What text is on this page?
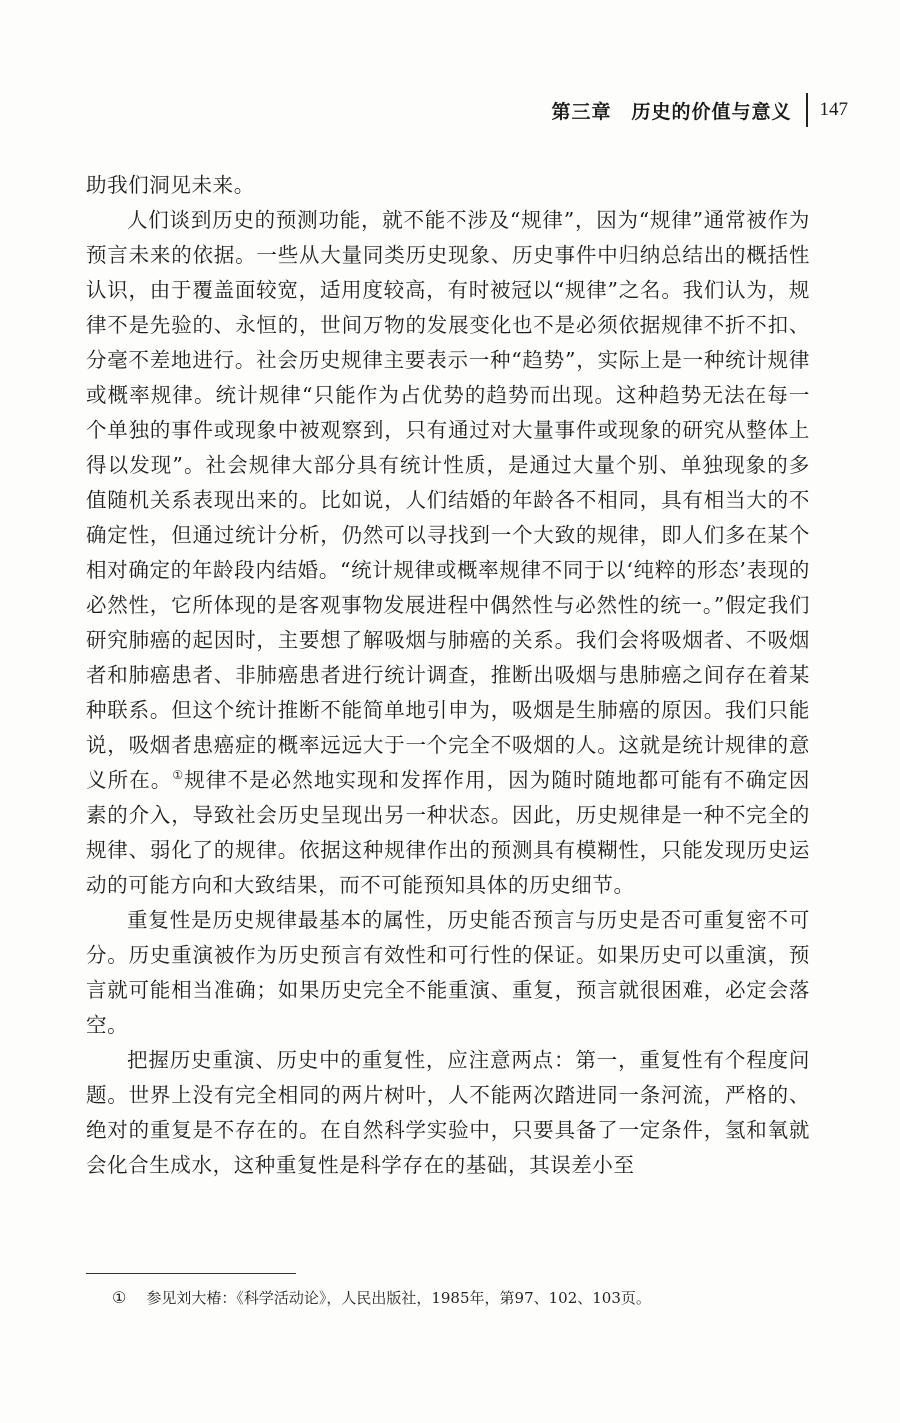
第三章 历史的价值与意义 147

助我们洞见未来。

人们谈到历史的预测功能，就不能不涉及“规律”，因为“规律”通常被作为预言未来的依据。一些从大量同类历史现象、历史事件中归纳总结出的概括性认识，由于覆盖面较宽，适用度较高，有时被冠以“规律”之名。我们认为，规律不是先验的、永恒的，世间万物的发展变化也不是必须依据规律不折不扣、分毫不差地进行。社会历史规律主要表示一种“趋势”，实际上是一种统计规律或概率规律。统计规律“只能作为占优势的趋势而出现。这种趋势无法在每一个单独的事件或现象中被观察到，只有通过对大量事件或现象的研究从整体上得以发现”。社会规律大部分具有统计性质，是通过大量个别、单独现象的多值随机关系表现出来的。比如说，人们结婚的年龄各不相同，具有相当大的不确定性，但通过统计分析，仍然可以寻找到一个大致的规律，即人们多在某个相对确定的年龄段内结婚。“统计规律或概率规律不同于以‘纯粹的形态’表现的必然性，它所体现的是客观事物发展进程中偶然性与必然性的统一。”假定我们研究肺癌的起因时，主要想了解吸烟与肺癌的关系。我们会将吸烟者、不吸烟者和肺癌患者、非肺癌患者进行统计调查，推断出吸烟与患肺癌之间存在着某种联系。但这个统计推断不能简单地引申为，吸烟是生肺癌的原因。我们只能说，吸烟者患癌症的概率远远大于一个完全不吸烟的人。这就是统计规律的意义所在。①规律不是必然地实现和发挥作用，因为随时随地都可能有不确定因素的介入，导致社会历史呈现出另一种状态。因此，历史规律是一种不完全的规律、弱化了的规律。依据这种规律作出的预测具有模糊性，只能发现历史运动的可能方向和大致结果，而不可能预知具体的历史细节。

重复性是历史规律最基本的属性，历史能否预言与历史是否可重复密不可分。历史重演被作为历史预言有效性和可行性的保证。如果历史可以重演，预言就可能相当准确；如果历史完全不能重演、重复，预言就很困难，必定会落空。

把握历史重演、历史中的重复性，应注意两点：第一，重复性有个程度问题。世界上没有完全相同的两片树叶，人不能两次踏进同一条河流，严格的、绝对的重复是不存在的。在自然科学实验中，只要具备了一定条件，氢和氧就会化合生成水，这种重复性是科学存在的基础，其误差小至

① 参见刘大椿：《科学活动论》，人民出版社，1985年，第97、102、103页。
